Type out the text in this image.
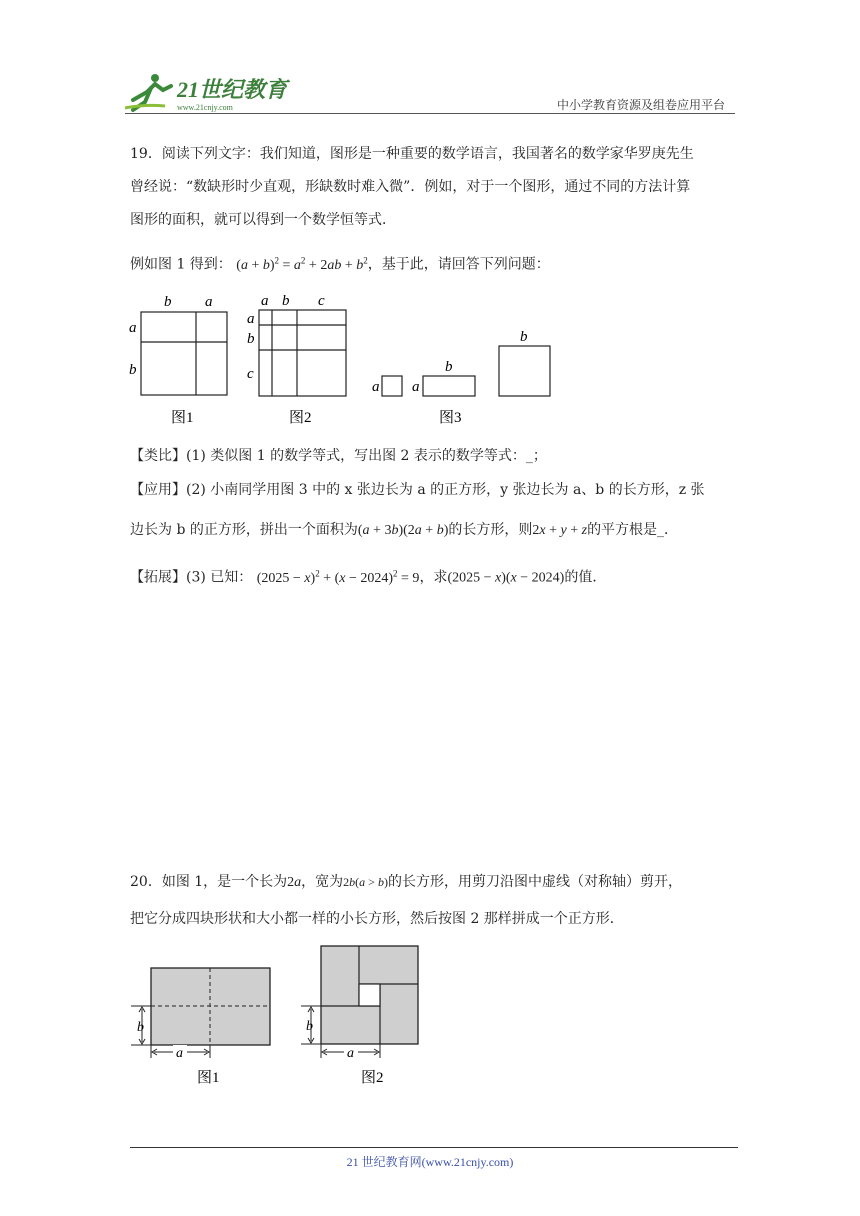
21世纪教育
www.21cnjy.com	中小学教育资源及组卷应用平台
19．阅读下列文字：我们知道，图形是一种重要的数学语言，我国著名的数学家华罗庚先生
曾经说：“数缺形时少直观，形缺数时难入微”．例如，对于一个图形，通过不同的方法计算
图形的面积，就可以得到一个数学恒等式．
例如图 1 得到： $(a + b)^2 = a^2 + 2ab + b^2$，基于此，请回答下列问题：
b a
a
b
图1
a b c
a
b
c
图2
a a
b
b
图3
【类比】(1) 类似图 1 的数学等式，写出图 2 表示的数学等式：_；
【应用】(2) 小南同学用图 3 中的 x 张边长为 a 的正方形，y 张边长为 a、b 的长方形，z 张
边长为 b 的正方形，拼出一个面积为(a + 3b)(2a + b)的长方形，则2x + y + z的平方根是_．
【拓展】(3) 已知： $(2025 - x)^2 + (x - 2024)^2 = 9$，求(2025 − x)(x − 2024)的值．
20．如图 1，是一个长为2a，宽为2b(a > b)的长方形，用剪刀沿图中虚线（对称轴）剪开，
把它分成四块形状和大小都一样的小长方形，然后按图 2 那样拼成一个正方形．
b
a
图1
b
a
图2
21 世纪教育网(www.21cnjy.com)
